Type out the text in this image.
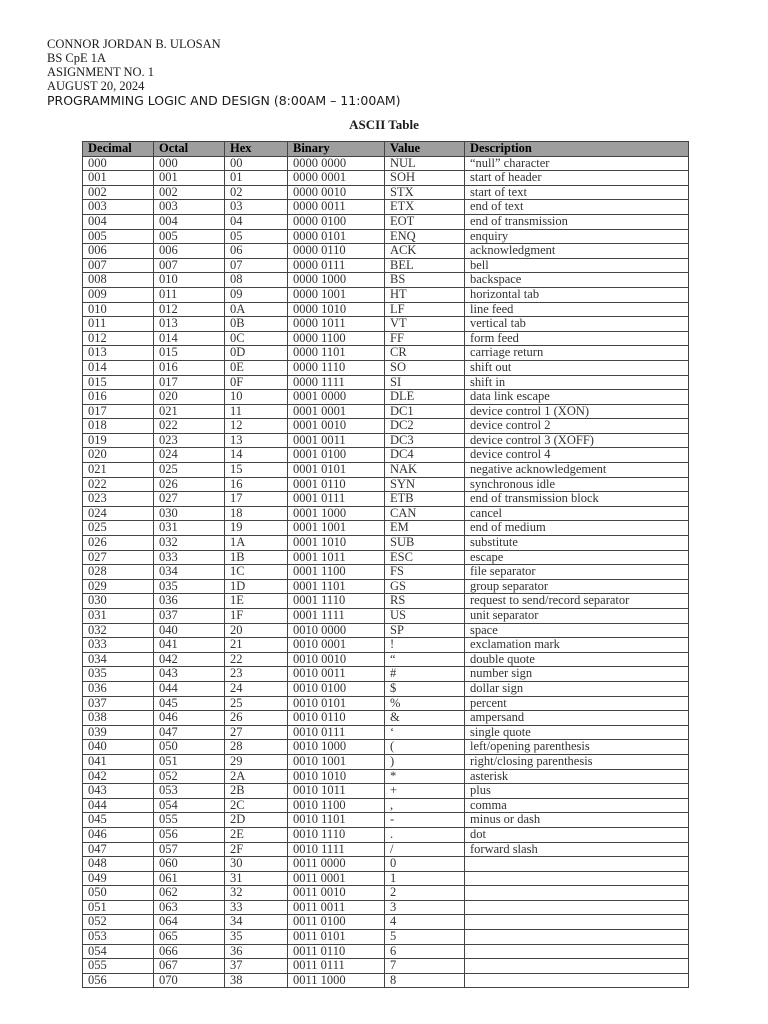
CONNOR JORDAN B. ULOSAN
BS CpE 1A
ASIGNMENT NO. 1
AUGUST 20, 2024
PROGRAMMING LOGIC AND DESIGN (8:00AM – 11:00AM)
ASCII Table
Decimal	Octal	Hex	Binary	Value	Description
000	000	00	0000 0000	NUL	“null” character
001	001	01	0000 0001	SOH	start of header
002	002	02	0000 0010	STX	start of text
003	003	03	0000 0011	ETX	end of text
004	004	04	0000 0100	EOT	end of transmission
005	005	05	0000 0101	ENQ	enquiry
006	006	06	0000 0110	ACK	acknowledgment
007	007	07	0000 0111	BEL	bell
008	010	08	0000 1000	BS	backspace
009	011	09	0000 1001	HT	horizontal tab
010	012	0A	0000 1010	LF	line feed
011	013	0B	0000 1011	VT	vertical tab
012	014	0C	0000 1100	FF	form feed
013	015	0D	0000 1101	CR	carriage return
014	016	0E	0000 1110	SO	shift out
015	017	0F	0000 1111	SI	shift in
016	020	10	0001 0000	DLE	data link escape
017	021	11	0001 0001	DC1	device control 1 (XON)
018	022	12	0001 0010	DC2	device control 2
019	023	13	0001 0011	DC3	device control 3 (XOFF)
020	024	14	0001 0100	DC4	device control 4
021	025	15	0001 0101	NAK	negative acknowledgement
022	026	16	0001 0110	SYN	synchronous idle
023	027	17	0001 0111	ETB	end of transmission block
024	030	18	0001 1000	CAN	cancel
025	031	19	0001 1001	EM	end of medium
026	032	1A	0001 1010	SUB	substitute
027	033	1B	0001 1011	ESC	escape
028	034	1C	0001 1100	FS	file separator
029	035	1D	0001 1101	GS	group separator
030	036	1E	0001 1110	RS	request to send/record separator
031	037	1F	0001 1111	US	unit separator
032	040	20	0010 0000	SP	space
033	041	21	0010 0001	!	exclamation mark
034	042	22	0010 0010	“	double quote
035	043	23	0010 0011	#	number sign
036	044	24	0010 0100	$	dollar sign
037	045	25	0010 0101	%	percent
038	046	26	0010 0110	&	ampersand
039	047	27	0010 0111	‘	single quote
040	050	28	0010 1000	(	left/opening parenthesis
041	051	29	0010 1001	)	right/closing parenthesis
042	052	2A	0010 1010	*	asterisk
043	053	2B	0010 1011	+	plus
044	054	2C	0010 1100	,	comma
045	055	2D	0010 1101	-	minus or dash
046	056	2E	0010 1110	.	dot
047	057	2F	0010 1111	/	forward slash
048	060	30	0011 0000	0	
049	061	31	0011 0001	1	
050	062	32	0011 0010	2	
051	063	33	0011 0011	3	
052	064	34	0011 0100	4	
053	065	35	0011 0101	5	
054	066	36	0011 0110	6	
055	067	37	0011 0111	7	
056	070	38	0011 1000	8	
